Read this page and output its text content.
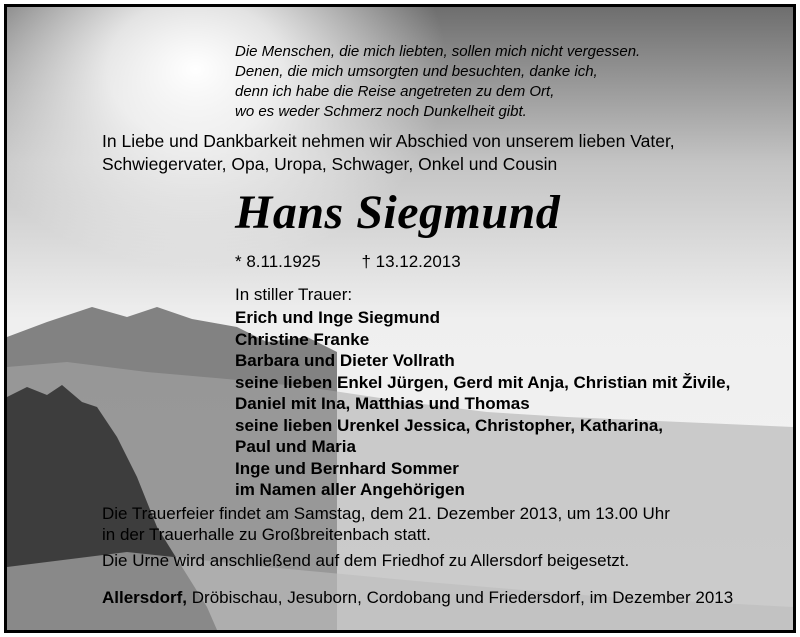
Die Menschen, die mich liebten, sollen mich nicht vergessen.
Denen, die mich umsorgten und besuchten, danke ich,
denn ich habe die Reise angetreten zu dem Ort,
wo es weder Schmerz noch Dunkelheit gibt.
In Liebe und Dankbarkeit nehmen wir Abschied von unserem lieben Vater,
Schwiegervater, Opa, Uropa, Schwager, Onkel und Cousin
Hans Siegmund
* 8.11.1925 † 13.12.2013
In stiller Trauer:
Erich und Inge Siegmund
Christine Franke
Barbara und Dieter Vollrath
seine lieben Enkel Jürgen, Gerd mit Anja, Christian mit Živile,
Daniel mit Ina, Matthias und Thomas
seine lieben Urenkel Jessica, Christopher, Katharina,
Paul und Maria
Inge und Bernhard Sommer
im Namen aller Angehörigen
Die Trauerfeier findet am Samstag, dem 21. Dezember 2013, um 13.00 Uhr
in der Trauerhalle zu Großbreitenbach statt.
Die Urne wird anschließend auf dem Friedhof zu Allersdorf beigesetzt.
Allersdorf, Dröbischau, Jesuborn, Cordobang und Friedersdorf, im Dezember 2013
